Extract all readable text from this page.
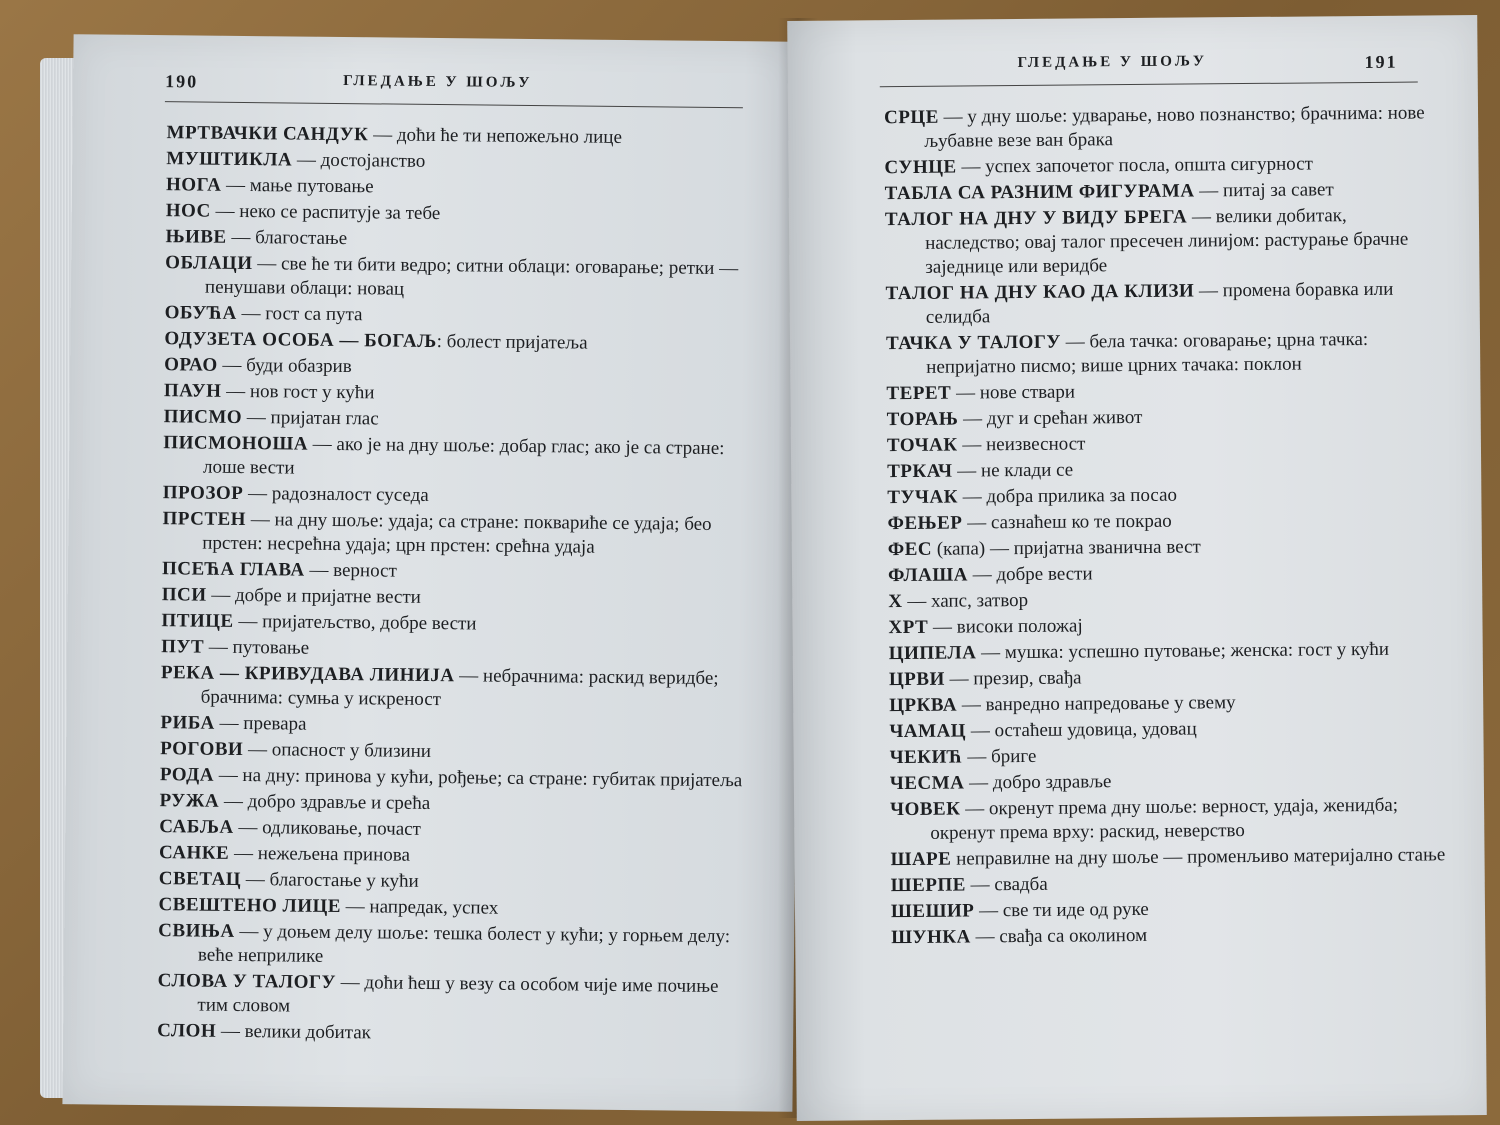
190	ГЛЕДАЊЕ У ШОЉУ
МРТВАЧКИ САНДУК — доћи ће ти непожељно лице
МУШТИКЛА — достојанство
НОГА — мање путовање
НОС — неко се распитује за тебе
ЊИВЕ — благостање
ОБЛАЦИ — све ће ти бити ведро; ситни облаци: оговарање; ретки — пенушави облаци: новац
ОБУЋА — гост са пута
ОДУЗЕТА ОСОБА — БОГАЉ: болест пријатеља
ОРАО — буди обазрив
ПАУН — нов гост у кући
ПИСМО — пријатан глас
ПИСМОНОША — ако је на дну шоље: добар глас; ако је са стране: лоше вести
ПРОЗОР — радозналост суседа
ПРСТЕН — на дну шоље: удаја; са стране: поквариће се удаја; бео прстен: несрећна удаја; црн прстен: срећна удаја
ПСЕЋА ГЛАВА — верност
ПСИ — добре и пријатне вести
ПТИЦЕ — пријатељство, добре вести
ПУТ — путовање
РЕКА — КРИВУДАВА ЛИНИЈА — небрачнима: раскид веридбе; брачнима: сумња у искреност
РИБА — превара
РОГОВИ — опасност у близини
РОДА — на дну: принова у кући, рођење; са стране: губитак пријатеља
РУЖА — добро здравље и срећа
САБЉА — одликовање, почаст
САНКЕ — нежељена принова
СВЕТАЦ — благостање у кући
СВЕШТЕНО ЛИЦЕ — напредак, успех
СВИЊА — у доњем делу шоље: тешка болест у кући; у горњем делу: веће неприлике
СЛОВА У ТАЛОГУ — доћи ћеш у везу са особом чије име почиње тим словом
СЛОН — велики добитак
ГЛЕДАЊЕ У ШОЉУ	191
СРЦЕ — у дну шоље: удварање, ново познанство; брачнима: нове љубавне везе ван брака
СУНЦЕ — успех започетог посла, општа сигурност
ТАБЛА СА РАЗНИМ ФИГУРАМА — питај за савет
ТАЛОГ НА ДНУ У ВИДУ БРЕГА — велики добитак, наследство; овај талог пресечен линијом: растурање брачне заједнице или веридбе
ТАЛОГ НА ДНУ КАО ДА КЛИЗИ — промена боравка или селидба
ТАЧКА У ТАЛОГУ — бела тачка: оговарање; црна тачка: непријатно писмо; више црних тачака: поклон
ТЕРЕТ — нове ствари
ТОРАЊ — дуг и срећан живот
ТОЧАК — неизвесност
ТРКАЧ — не клади се
ТУЧАК — добра прилика за посао
ФЕЊЕР — сазнаћеш ко те покрао
ФЕС (капа) — пријатна званична вест
ФЛАША — добре вести
Х — хапс, затвор
ХРТ — високи положај
ЦИПЕЛА — мушка: успешно путовање; женска: гост у кући
ЦРВИ — презир, свађа
ЦРКВА — ванредно напредовање у свему
ЧАМАЦ — остаћеш удовица, удовац
ЧЕКИЋ — бриге
ЧЕСМА — добро здравље
ЧОВЕК — окренут према дну шоље: верност, удаја, женидба; окренут према врху: раскид, неверство
ШАРЕ неправилне на дну шоље — променљиво материјално стање
ШЕРПЕ — свадба
ШЕШИР — све ти иде од руке
ШУНКА — свађа са околином
